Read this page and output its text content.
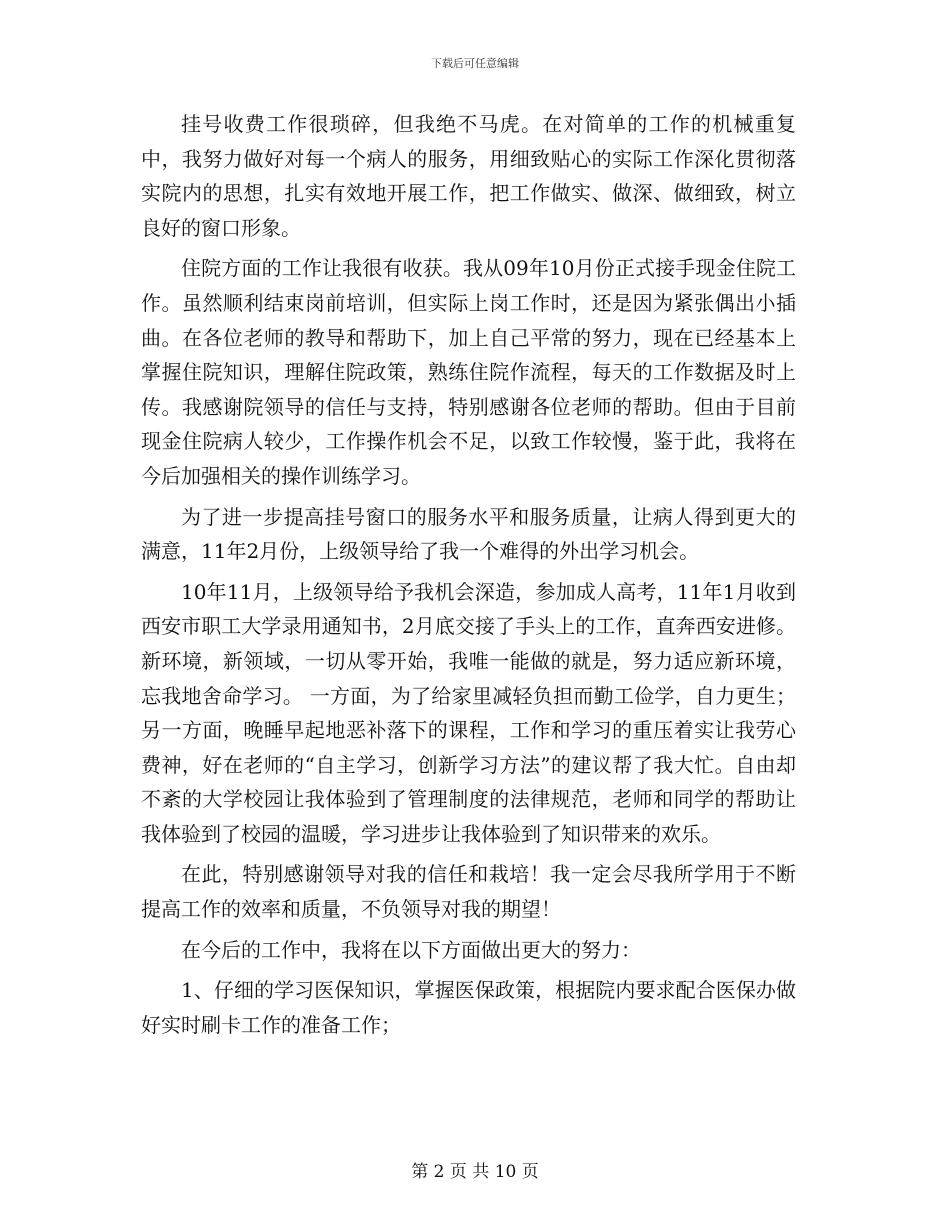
下载后可任意编辑

挂号收费工作很琐碎，但我绝不马虎。在对简单的工作的机械重复中，我努力做好对每一个病人的服务，用细致贴心的实际工作深化贯彻落实院内的思想，扎实有效地开展工作，把工作做实、做深、做细致，树立良好的窗口形象。

住院方面的工作让我很有收获。我从09年10月份正式接手现金住院工作。虽然顺利结束岗前培训，但实际上岗工作时，还是因为紧张偶出小插曲。在各位老师的教导和帮助下，加上自己平常的努力，现在已经基本上掌握住院知识，理解住院政策，熟练住院作流程，每天的工作数据及时上传。我感谢院领导的信任与支持，特别感谢各位老师的帮助。但由于目前现金住院病人较少，工作操作机会不足，以致工作较慢，鉴于此，我将在今后加强相关的操作训练学习。

为了进一步提高挂号窗口的服务水平和服务质量，让病人得到更大的满意，11年2月份，上级领导给了我一个难得的外出学习机会。

10年11月，上级领导给予我机会深造，参加成人高考，11年1月收到西安市职工大学录用通知书，2月底交接了手头上的工作，直奔西安进修。新环境，新领域，一切从零开始，我唯一能做的就是，努力适应新环境，忘我地舍命学习。 一方面，为了给家里减轻负担而勤工俭学，自力更生；另一方面，晚睡早起地恶补落下的课程，工作和学习的重压着实让我劳心费神，好在老师的“自主学习，创新学习方法”的建议帮了我大忙。自由却不紊的大学校园让我体验到了管理制度的法律规范，老师和同学的帮助让我体验到了校园的温暖，学习进步让我体验到了知识带来的欢乐。

在此，特别感谢领导对我的信任和栽培！我一定会尽我所学用于不断提高工作的效率和质量，不负领导对我的期望！

在今后的工作中，我将在以下方面做出更大的努力：

1、仔细的学习医保知识，掌握医保政策，根据院内要求配合医保办做好实时刷卡工作的准备工作；

第 2 页 共 10 页
